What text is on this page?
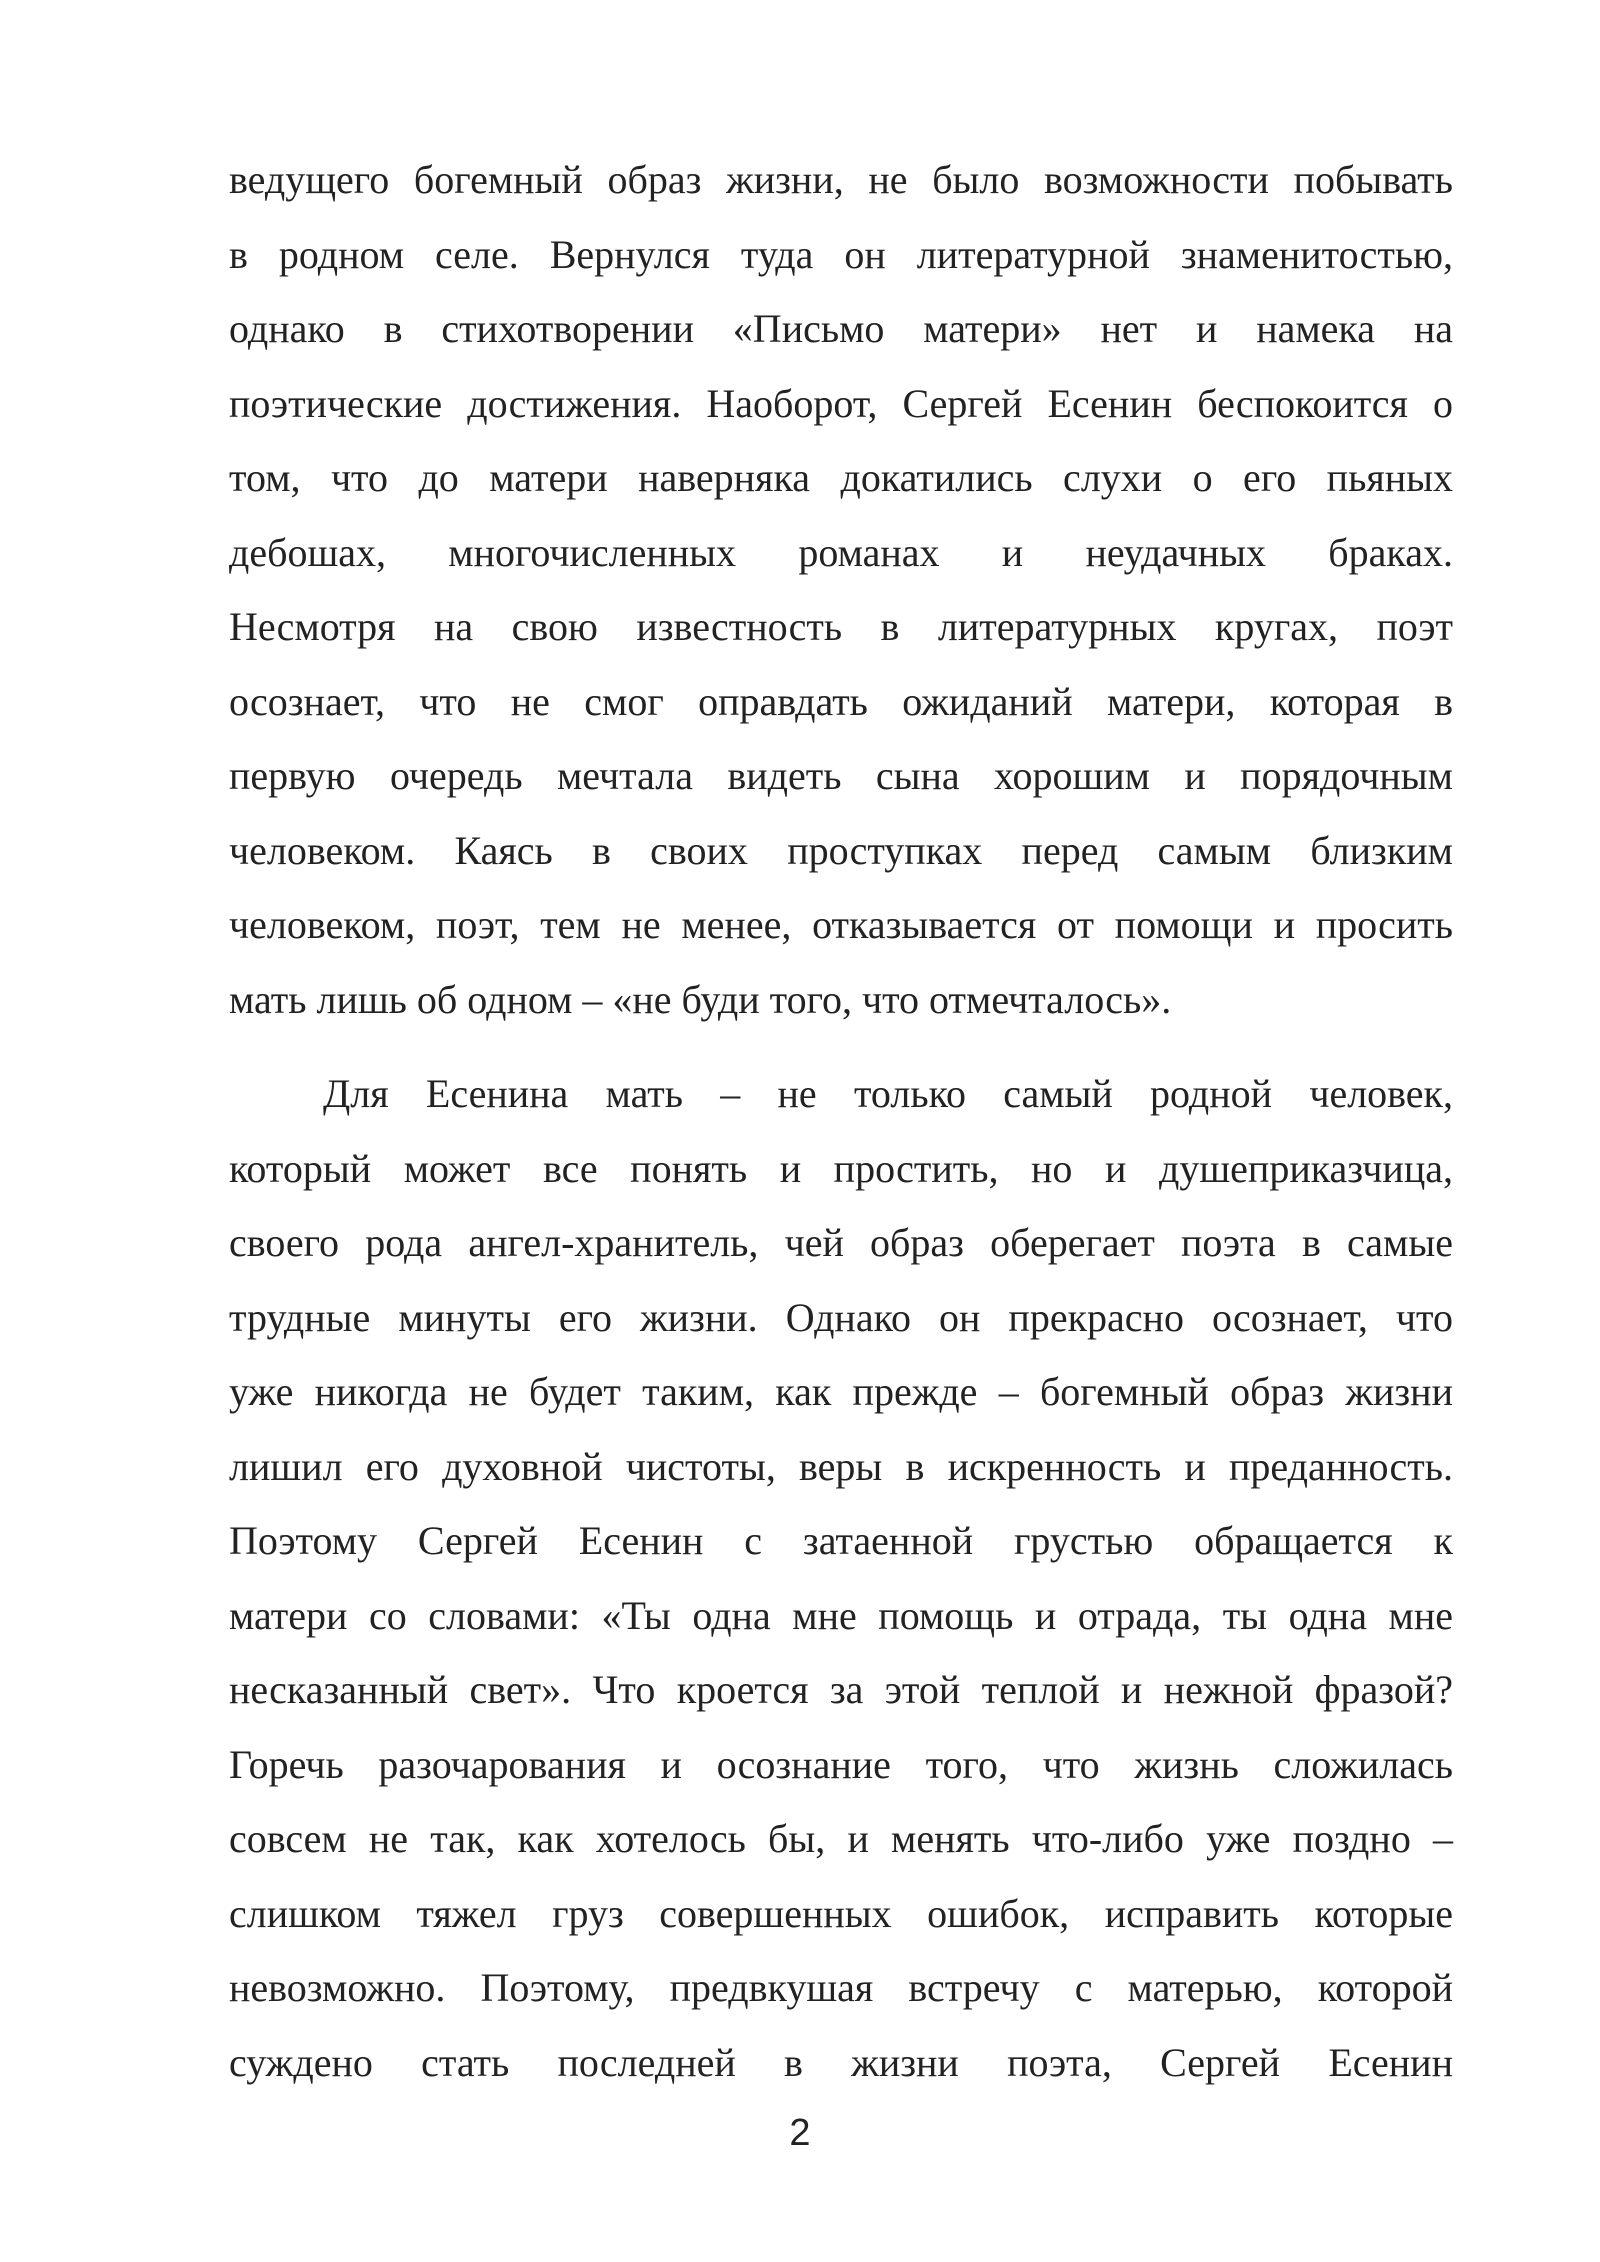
ведущего богемный образ жизни, не было возможности побывать
в родном селе. Вернулся туда он литературной знаменитостью,
однако в стихотворении «Письмо матери» нет и намека на
поэтические достижения. Наоборот, Сергей Есенин беспокоится о
том, что до матери наверняка докатились слухи о его пьяных
дебошах, многочисленных романах и неудачных браках.
Несмотря на свою известность в литературных кругах, поэт
осознает, что не смог оправдать ожиданий матери, которая в
первую очередь мечтала видеть сына хорошим и порядочным
человеком. Каясь в своих проступках перед самым близким
человеком, поэт, тем не менее, отказывается от помощи и просить
мать лишь об одном – «не буди того, что отмечталось».

Для Есенина мать – не только самый родной человек,
который может все понять и простить, но и душеприказчица,
своего рода ангел-хранитель, чей образ оберегает поэта в самые
трудные минуты его жизни. Однако он прекрасно осознает, что
уже никогда не будет таким, как прежде – богемный образ жизни
лишил его духовной чистоты, веры в искренность и преданность.
Поэтому Сергей Есенин с затаенной грустью обращается к
матери со словами: «Ты одна мне помощь и отрада, ты одна мне
несказанный свет». Что кроется за этой теплой и нежной фразой?
Горечь разочарования и осознание того, что жизнь сложилась
совсем не так, как хотелось бы, и менять что-либо уже поздно –
слишком тяжел груз совершенных ошибок, исправить которые
невозможно. Поэтому, предвкушая встречу с матерью, которой
суждено стать последней в жизни поэта, Сергей Есенин

2
